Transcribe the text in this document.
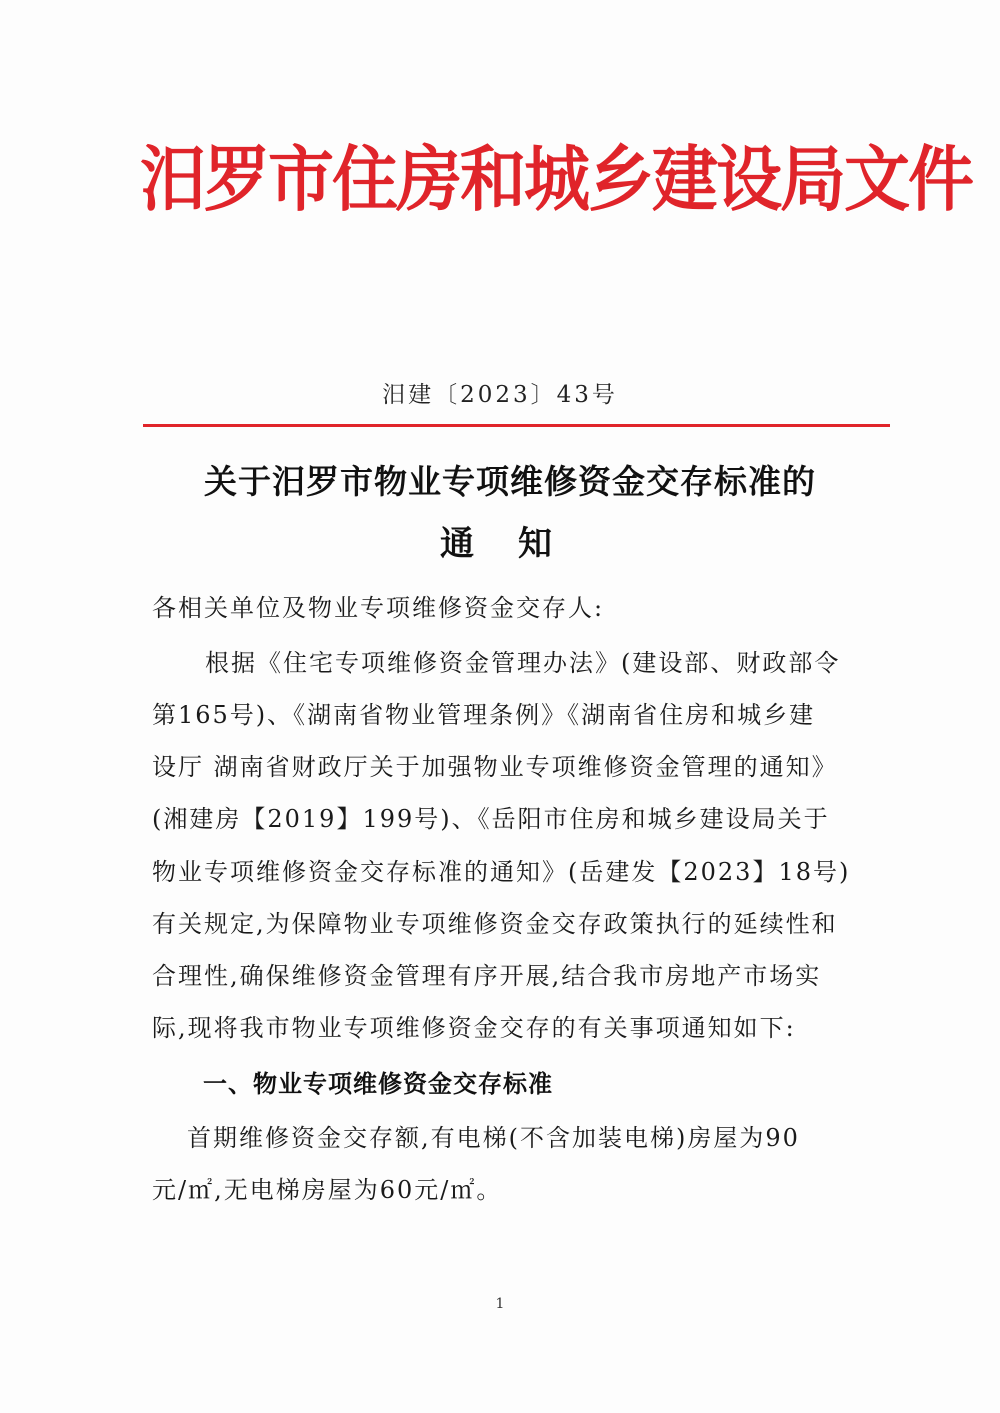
汨罗市住房和城乡建设局文件
汨建〔2023〕43号
关于汨罗市物业专项维修资金交存标准的
通知
各相关单位及物业专项维修资金交存人:
根据《住宅专项维修资金管理办法》(建设部、财政部令
第165号)、《湖南省物业管理条例》《湖南省住房和城乡建
设厅 湖南省财政厅关于加强物业专项维修资金管理的通知》
(湘建房【2019】199号)、《岳阳市住房和城乡建设局关于
物业专项维修资金交存标准的通知》(岳建发【2023】18号)
有关规定,为保障物业专项维修资金交存政策执行的延续性和
合理性,确保维修资金管理有序开展,结合我市房地产市场实
际,现将我市物业专项维修资金交存的有关事项通知如下:
一、物业专项维修资金交存标准
首期维修资金交存额,有电梯(不含加装电梯)房屋为90
元/㎡,无电梯房屋为60元/㎡。
1
